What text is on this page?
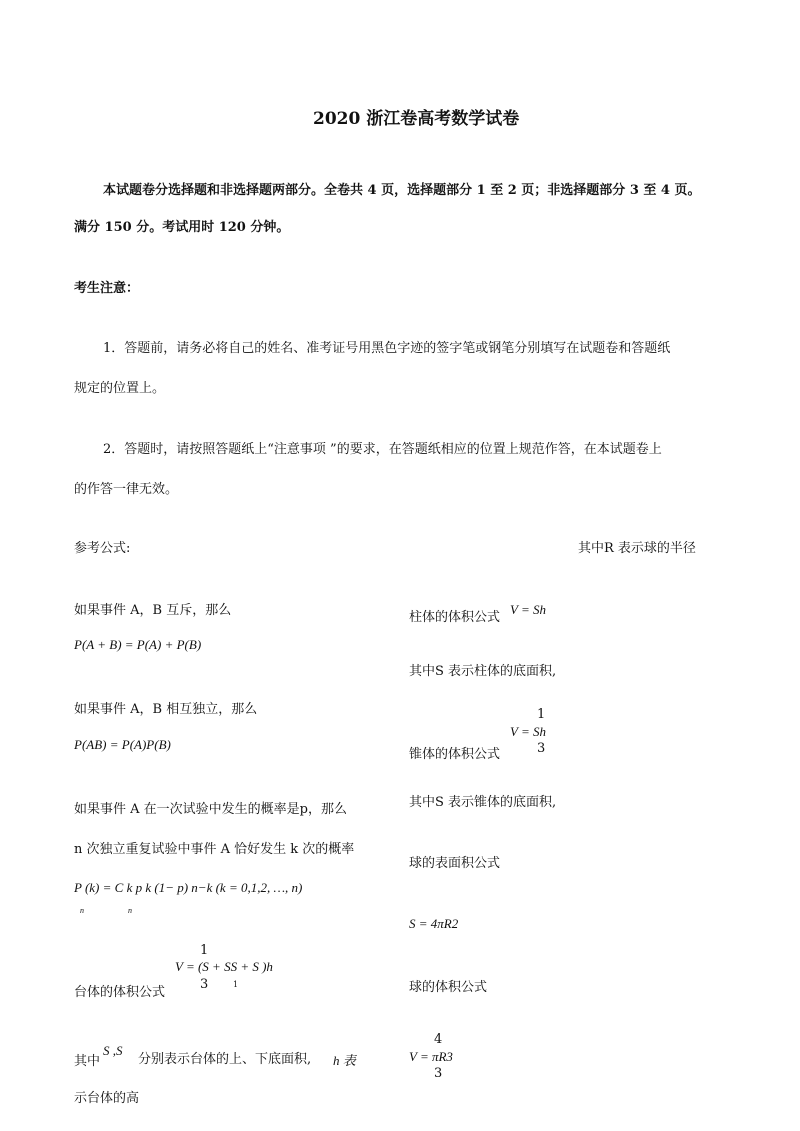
2020 浙江卷高考数学试卷
本试题卷分选择题和非选择题两部分。全卷共 4 页，选择题部分 1 至 2 页；非选择题部分 3 至 4 页。
满分 150 分。考试用时 120 分钟。
考生注意：
1．答题前，请务必将自己的姓名、准考证号用黑色字迹的签字笔或钢笔分别填写在试题卷和答题纸
规定的位置上。
2．答题时，请按照答题纸上“注意事项 ”的要求，在答题纸相应的位置上规范作答，在本试题卷上
的作答一律无效。
参考公式:	其中R 表示球的半径
如果事件 A，B 互斥，那么
P(A + B) = P(A) + P(B)
如果事件 A，B 相互独立，那么
P(AB) = P(A)P(B)
如果事件 A 在一次试验中发生的概率是p，那么
n 次独立重复试验中事件 A 恰好发生 k 次的概率
P (k) = C k p k (1− p) n−k (k = 0,1,2, …, n)
n	n
1
V = (S + SS + S )h
3	1
台体的体积公式
其中
S ,S
分别表示台体的上、下底面积, h 表
示台体的高
柱体的体积公式
V = Sh
其中S 表示柱体的底面积,
1
V = Sh
锥体的体积公式	3
其中S 表示锥体的底面积,
球的表面积公式
S = 4πR2
球的体积公式
4
V = πR3
3
